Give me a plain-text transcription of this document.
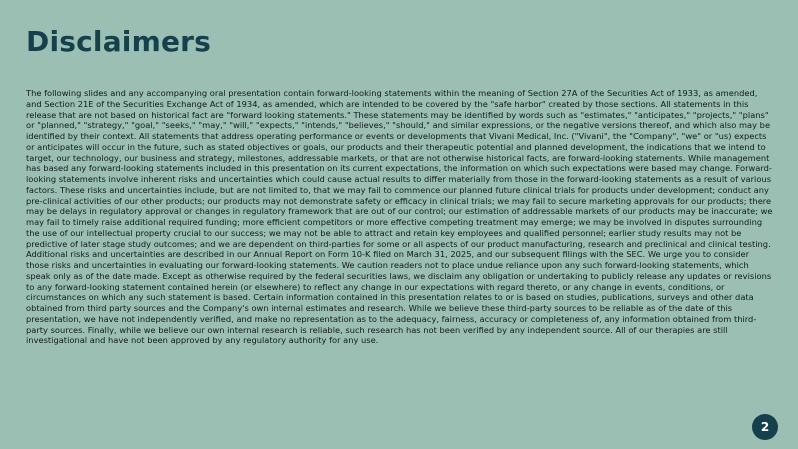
Disclaimers

The following slides and any accompanying oral presentation contain forward-looking statements within the meaning of Section 27A of the Securities Act of 1933, as amended, and Section 21E of the Securities Exchange Act of 1934, as amended, which are intended to be covered by the "safe harbor" created by those sections. All statements in this release that are not based on historical fact are "forward looking statements." These statements may be identified by words such as "estimates," "anticipates," "projects," "plans" or "planned," "strategy," "goal," "seeks," "may," "will," "expects," "intends," "believes," "should," and similar expressions, or the negative versions thereof, and which also may be identified by their context. All statements that address operating performance or events or developments that Vivani Medical, Inc. ("Vivani", the "Company", "we" or "us) expects or anticipates will occur in the future, such as stated objectives or goals, our products and their therapeutic potential and planned development, the indications that we intend to target, our technology, our business and strategy, milestones, addressable markets, or that are not otherwise historical facts, are forward-looking statements. While management has based any forward-looking statements included in this presentation on its current expectations, the information on which such expectations were based may change. Forward-looking statements involve inherent risks and uncertainties which could cause actual results to differ materially from those in the forward-looking statements as a result of various factors. These risks and uncertainties include, but are not limited to, that we may fail to commence our planned future clinical trials for products under development; conduct any pre-clinical activities of our other products; our products may not demonstrate safety or efficacy in clinical trials; we may fail to secure marketing approvals for our products; there may be delays in regulatory approval or changes in regulatory framework that are out of our control; our estimation of addressable markets of our products may be inaccurate; we may fail to timely raise additional required funding; more efficient competitors or more effective competing treatment may emerge; we may be involved in disputes surrounding the use of our intellectual property crucial to our success; we may not be able to attract and retain key employees and qualified personnel; earlier study results may not be predictive of later stage study outcomes; and we are dependent on third-parties for some or all aspects of our product manufacturing, research and preclinical and clinical testing. Additional risks and uncertainties are described in our Annual Report on Form 10-K filed on March 31, 2025, and our subsequent filings with the SEC. We urge you to consider those risks and uncertainties in evaluating our forward-looking statements. We caution readers not to place undue reliance upon any such forward-looking statements, which speak only as of the date made. Except as otherwise required by the federal securities laws, we disclaim any obligation or undertaking to publicly release any updates or revisions to any forward-looking statement contained herein (or elsewhere) to reflect any change in our expectations with regard thereto, or any change in events, conditions, or circumstances on which any such statement is based. Certain information contained in this presentation relates to or is based on studies, publications, surveys and other data obtained from third party sources and the Company's own internal estimates and research. While we believe these third-party sources to be reliable as of the date of this presentation, we have not independently verified, and make no representation as to the adequacy, fairness, accuracy or completeness of, any information obtained from third-party sources. Finally, while we believe our own internal research is reliable, such research has not been verified by any independent source. All of our therapies are still investigational and have not been approved by any regulatory authority for any use.

2
